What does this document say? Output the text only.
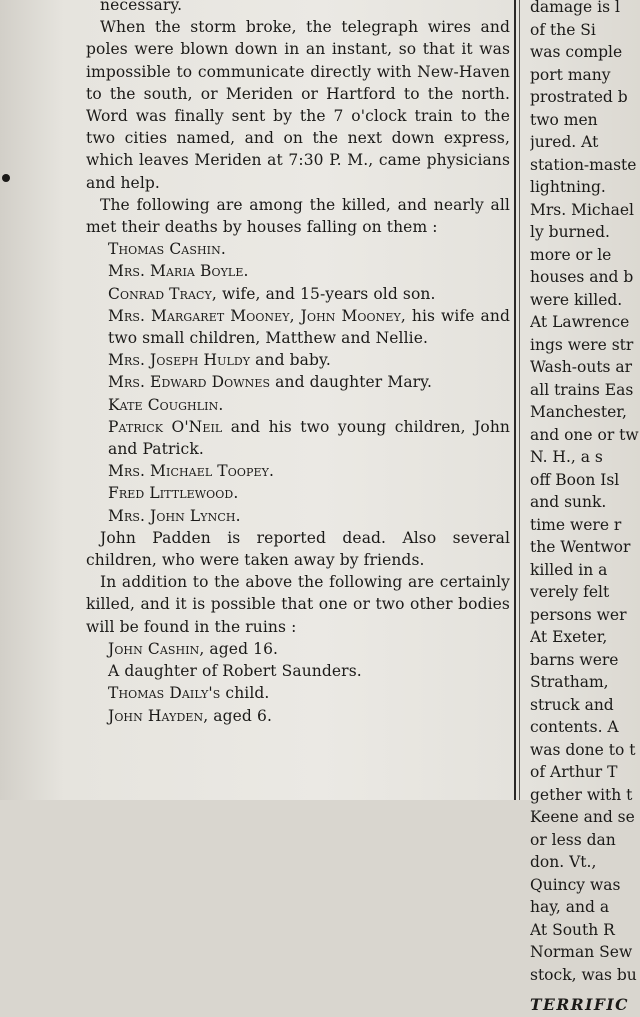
necessary.

When the storm broke, the telegraph wires and poles were blown down in an instant, so that it was impossible to communicate directly with New-Haven to the south, or Meriden or Hartford to the north. Word was finally sent by the 7 o'clock train to the two cities named, and on the next down express, which leaves Meriden at 7:30 P. M., came physicians and help.

The following are among the killed, and nearly all met their deaths by houses falling on them :

Thomas Cashin.

Mrs. Maria Boyle.

Conrad Tracy, wife, and 15-years old son.

Mrs. Margaret Mooney, John Mooney, his wife and two small children, Matthew and Nellie.

Mrs. Joseph Huldy and baby.

Mrs. Edward Downes and daughter Mary.

Kate Coughlin.

Patrick O'Neil and his two young children, John and Patrick.

Mrs. Michael Toopey.

Fred Littlewood.

Mrs. John Lynch.

John Padden is reported dead. Also several children, who were taken away by friends.

In addition to the above the following are certainly killed, and it is possible that one or two other bodies will be found in the ruins :

John Cashin, aged 16.

A daughter of Robert Saunders.

Thomas Daily's child.

John Hayden, aged 6.

damage is l
of the Si
was comple
port many
prostrated b
two men
jured. At
station-maste
lightning.
Mrs. Michael
ly burned.
more or le
houses and b
were killed.
At Lawrence
ings were str
Wash-outs ar
all trains Eas
Manchester,
and one or tw
N. H., a s
off Boon Isl
and sunk.
time were r
the Wentwor
killed in a
verely felt
persons wer
At Exeter,
barns were
Stratham,
struck and
contents. A
was done to t
of Arthur T
gether with t
Keene and se
or less dan
don. Vt.,
Quincy was
hay, and a
At South R
Norman Sew
stock, was bu
TERRIFIC
